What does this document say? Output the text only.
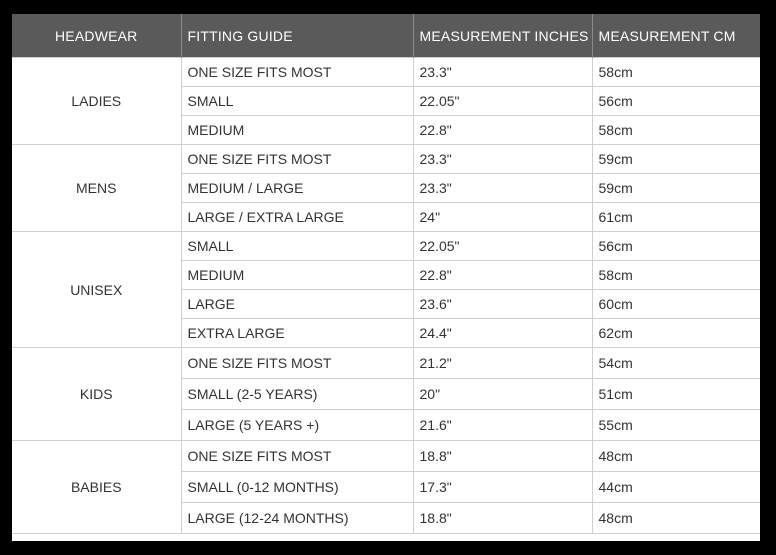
HEADWEAR	FITTING GUIDE	MEASUREMENT INCHES	MEASUREMENT CM
LADIES	ONE SIZE FITS MOST	23.3"	58cm
	SMALL	22.05"	56cm
	MEDIUM	22.8"	58cm
MENS	ONE SIZE FITS MOST	23.3"	59cm
	MEDIUM / LARGE	23.3"	59cm
	LARGE / EXTRA LARGE	24"	61cm
UNISEX	SMALL	22.05"	56cm
	MEDIUM	22.8"	58cm
	LARGE	23.6"	60cm
	EXTRA LARGE	24.4"	62cm
KIDS	ONE SIZE FITS MOST	21.2"	54cm
	SMALL (2-5 YEARS)	20"	51cm
	LARGE (5 YEARS +)	21.6"	55cm
BABIES	ONE SIZE FITS MOST	18.8"	48cm
	SMALL (0-12 MONTHS)	17.3"	44cm
	LARGE (12-24 MONTHS)	18.8"	48cm
